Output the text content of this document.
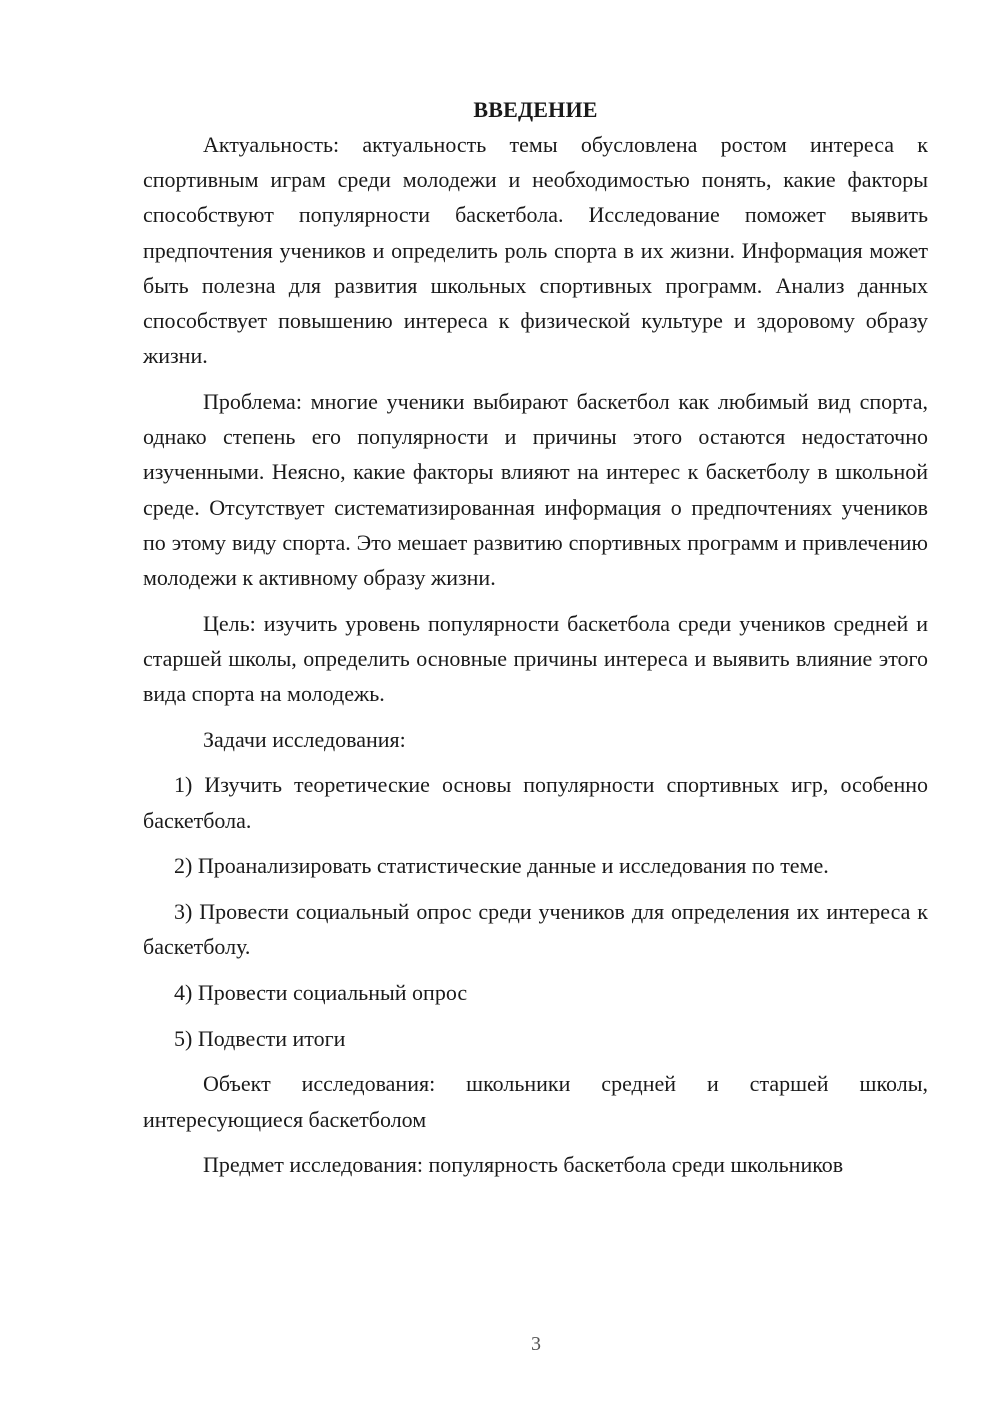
ВВЕДЕНИЕ

Актуальность: актуальность темы обусловлена ростом интереса к спортивным играм среди молодежи и необходимостью понять, какие факторы способствуют популярности баскетбола. Исследование поможет выявить предпочтения учеников и определить роль спорта в их жизни. Информация может быть полезна для развития школьных спортивных программ. Анализ данных способствует повышению интереса к физической культуре и здоровому образу жизни.

Проблема: многие ученики выбирают баскетбол как любимый вид спорта, однако степень его популярности и причины этого остаются недостаточно изученными. Неясно, какие факторы влияют на интерес к баскетболу в школьной среде. Отсутствует систематизированная информация о предпочтениях учеников по этому виду спорта. Это мешает развитию спортивных программ и привлечению молодежи к активному образу жизни.

Цель: изучить уровень популярности баскетбола среди учеников средней и старшей школы, определить основные причины интереса и выявить влияние этого вида спорта на молодежь.

Задачи исследования:

1) Изучить теоретические основы популярности спортивных игр, особенно баскетбола.

2) Проанализировать статистические данные и исследования по теме.

3) Провести социальный опрос среди учеников для определения их интереса к баскетболу.

4) Провести социальный опрос

5) Подвести итоги

Объект исследования: школьники средней и старшей школы, интересующиеся баскетболом

Предмет исследования: популярность баскетбола среди школьников

3
